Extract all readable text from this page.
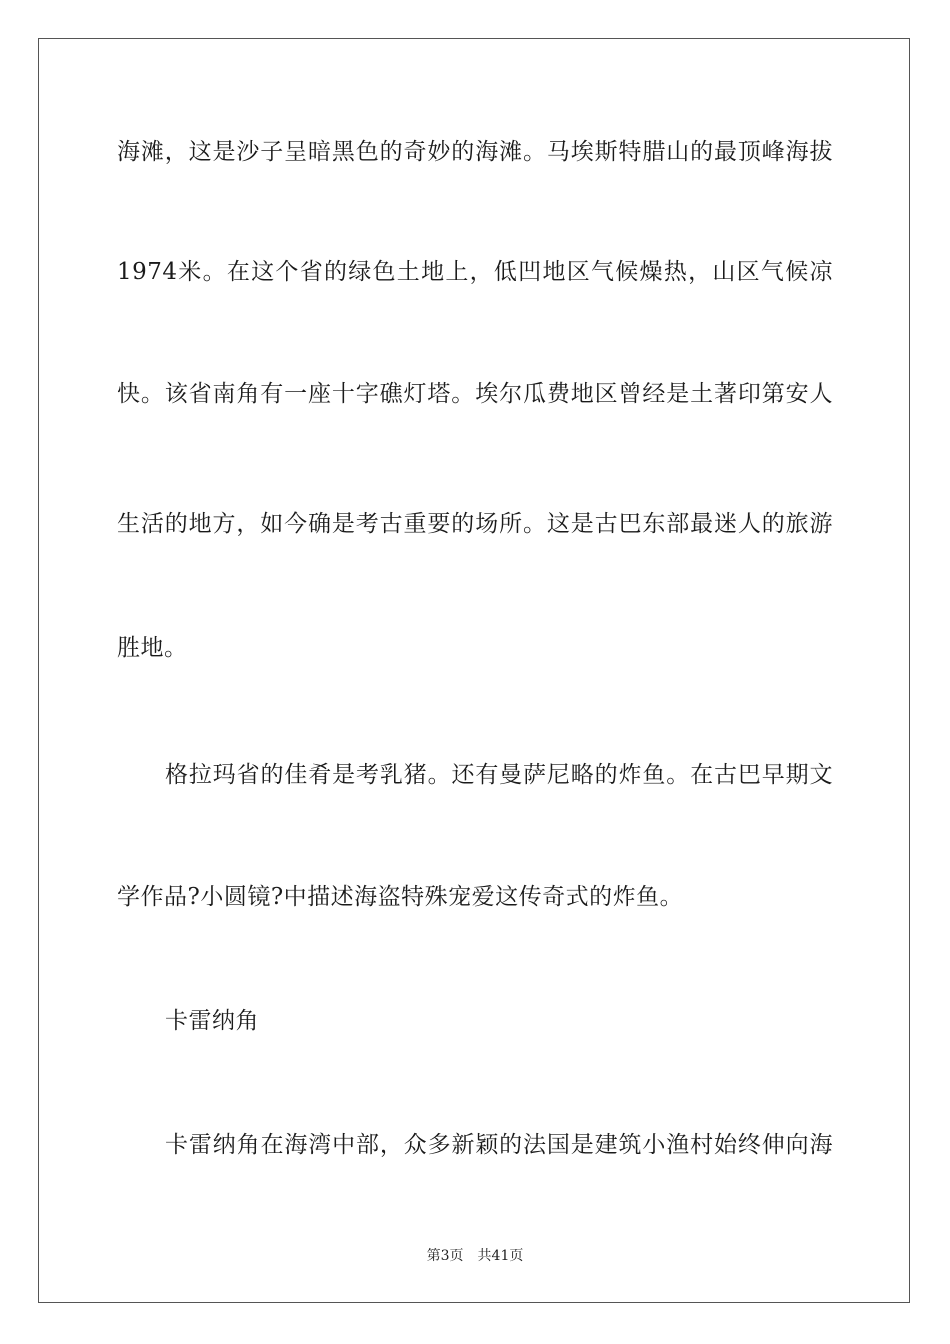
海滩，这是沙子呈暗黑色的奇妙的海滩。马埃斯特腊山的最顶峰海拔
1974米。在这个省的绿色土地上，低凹地区气候燥热，山区气候凉
快。该省南角有一座十字礁灯塔。埃尔瓜费地区曾经是土著印第安人
生活的地方，如今确是考古重要的场所。这是古巴东部最迷人的旅游
胜地。
格拉玛省的佳肴是考乳猪。还有曼萨尼略的炸鱼。在古巴早期文
学作品?小圆镜?中描述海盗特殊宠爱这传奇式的炸鱼。
卡雷纳角
卡雷纳角在海湾中部，众多新颖的法国是建筑小渔村始终伸向海
第3页 共41页
